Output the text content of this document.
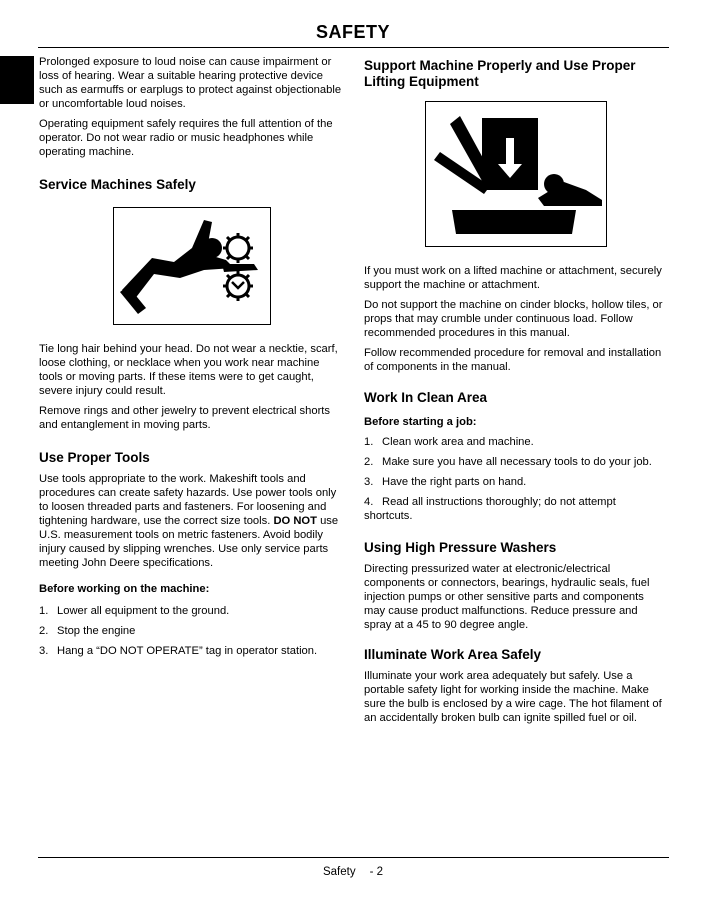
SAFETY

Prolonged exposure to loud noise can cause impairment or loss of hearing. Wear a suitable hearing protective device such as earmuffs or earplugs to protect against objectionable or uncomfortable loud noises.

Operating equipment safely requires the full attention of the operator. Do not wear radio or music headphones while operating machine.

Service Machines Safely

Tie long hair behind your head. Do not wear a necktie, scarf, loose clothing, or necklace when you work near machine tools or moving parts. If these items were to get caught, severe injury could result.

Remove rings and other jewelry to prevent electrical shorts and entanglement in moving parts.

Use Proper Tools

Use tools appropriate to the work. Makeshift tools and procedures can create safety hazards. Use power tools only to loosen threaded parts and fasteners. For loosening and tightening hardware, use the correct size tools. DO NOT use U.S. measurement tools on metric fasteners. Avoid bodily injury caused by slipping wrenches. Use only service parts meeting John Deere specifications.

Before working on the machine:
1. Lower all equipment to the ground.
2. Stop the engine
3. Hang a “DO NOT OPERATE” tag in operator station.
Support Machine Properly and Use Proper Lifting Equipment

If you must work on a lifted machine or attachment, securely support the machine or attachment.

Do not support the machine on cinder blocks, hollow tiles, or props that may crumble under continuous load. Follow recommended procedures in this manual.

Follow recommended procedure for removal and installation of components in the manual.

Work In Clean Area
Before starting a job:
1. Clean work area and machine.
2. Make sure you have all necessary tools to do your job.
3. Have the right parts on hand.
4. Read all instructions thoroughly; do not attempt shortcuts.
Using High Pressure Washers

Directing pressurized water at electronic/electrical components or connectors, bearings, hydraulic seals, fuel injection pumps or other sensitive parts and components may cause product malfunctions. Reduce pressure and spray at a 45 to 90 degree angle.

Illuminate Work Area Safely

Illuminate your work area adequately but safely. Use a portable safety light for working inside the machine. Make sure the bulb is enclosed by a wire cage. The hot filament of an accidentally broken bulb can ignite spilled fuel or oil.

Safety - 2
